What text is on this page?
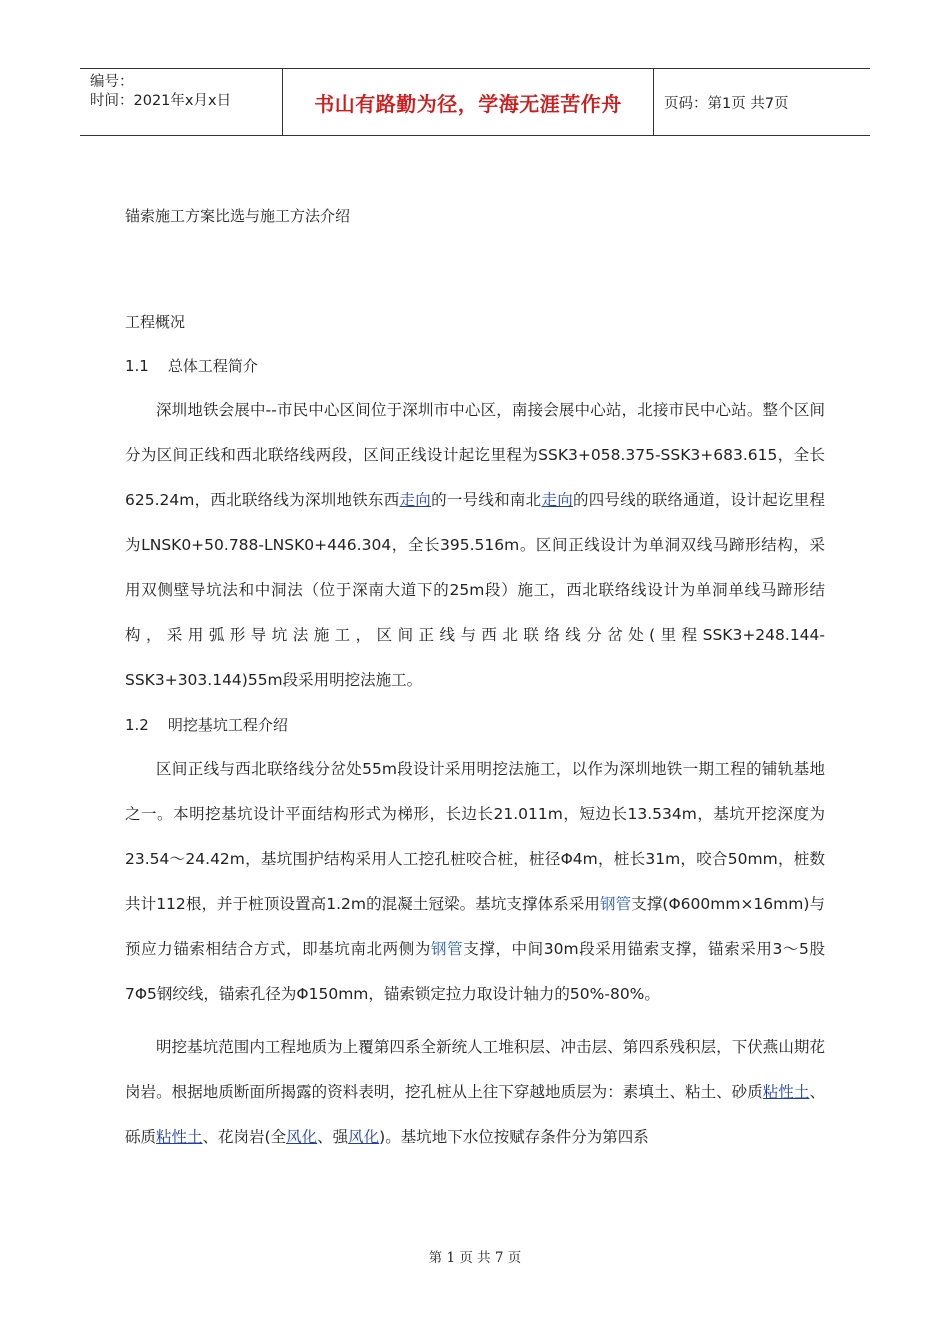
编号：
时间：2021年x月x日	书山有路勤为径，学海无涯苦作舟	页码：第1页 共7页
锚索施工方案比选与施工方法介绍
工程概况
1.1    总体工程简介

深圳地铁会展中--市民中心区间位于深圳市中心区，南接会展中心站，北接市民中心站。整个区间分为区间正线和西北联络线两段，区间正线设计起讫里程为SSK3+058.375-SSK3+683.615，全长625.24m，西北联络线为深圳地铁东西走向的一号线和南北走向的四号线的联络通道，设计起讫里程为LNSK0+50.788-LNSK0+446.304，全长395.516m。区间正线设计为单洞双线马蹄形结构，采用双侧壁导坑法和中洞法（位于深南大道下的25m段）施工，西北联络线设计为单洞单线马蹄形结构，采用弧形导坑法施工，区间正线与西北联络线分岔处(里程SSK3+248.144-SSK3+303.144)55m段采用明挖法施工。

1.2    明挖基坑工程介绍

区间正线与西北联络线分岔处55m段设计采用明挖法施工，以作为深圳地铁一期工程的铺轨基地之一。本明挖基坑设计平面结构形式为梯形，长边长21.011m，短边长13.534m，基坑开挖深度为23.54～24.42m，基坑围护结构采用人工挖孔桩咬合桩，桩径Φ4m，桩长31m，咬合50mm，桩数共计112根，并于桩顶设置高1.2m的混凝土冠梁。基坑支撑体系采用钢管支撑(Φ600mm×16mm)与预应力锚索相结合方式，即基坑南北两侧为钢管支撑，中间30m段采用锚索支撑，锚索采用3～5股7Φ5钢绞线，锚索孔径为Φ150mm，锚索锁定拉力取设计轴力的50%-80%。

明挖基坑范围内工程地质为上覆第四系全新统人工堆积层、冲击层、第四系残积层，下伏燕山期花岗岩。根据地质断面所揭露的资料表明，挖孔桩从上往下穿越地质层为：素填土、粘土、砂质粘性土、砾质粘性土、花岗岩(全风化、强风化)。基坑地下水位按赋存条件分为第四系

第 1 页 共 7 页
